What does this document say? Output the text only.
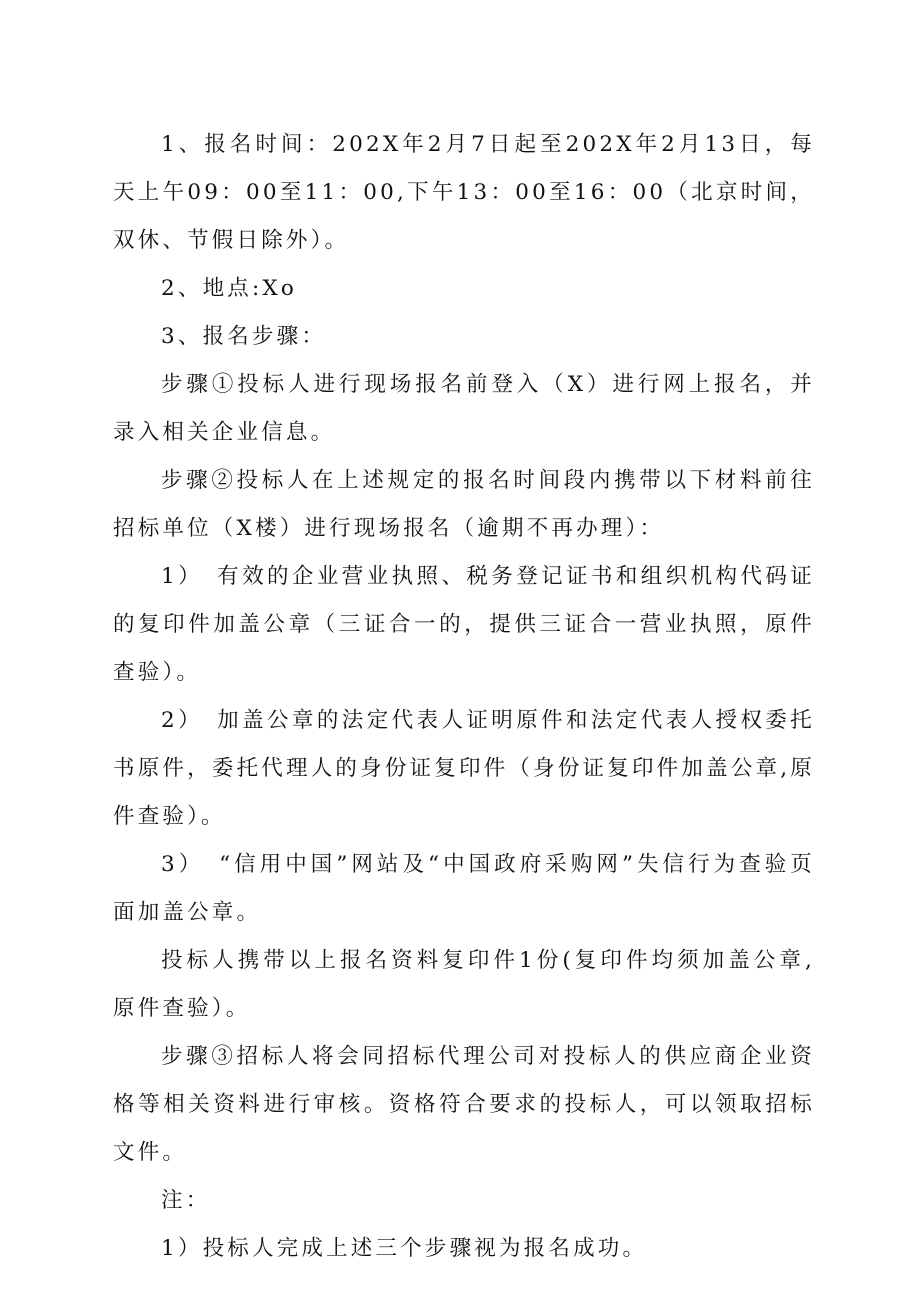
1、报名时间：202X年2月7日起至202X年2月13日，每天上午09：00至11：00,下午13：00至16：00（北京时间，双休、节假日除外）。

2、地点:Xo

3、报名步骤：

步骤①投标人进行现场报名前登入（X）进行网上报名，并录入相关企业信息。

步骤②投标人在上述规定的报名时间段内携带以下材料前往招标单位（X楼）进行现场报名（逾期不再办理）：

1）　有效的企业营业执照、税务登记证书和组织机构代码证的复印件加盖公章（三证合一的，提供三证合一营业执照，原件查验）。

2）　加盖公章的法定代表人证明原件和法定代表人授权委托书原件，委托代理人的身份证复印件（身份证复印件加盖公章,原件查验）。

3）　“信用中国”网站及“中国政府采购网”失信行为查验页面加盖公章。

投标人携带以上报名资料复印件1份(复印件均须加盖公章,原件查验）。

步骤③招标人将会同招标代理公司对投标人的供应商企业资格等相关资料进行审核。资格符合要求的投标人，可以领取招标文件。

注：

1）投标人完成上述三个步骤视为报名成功。
